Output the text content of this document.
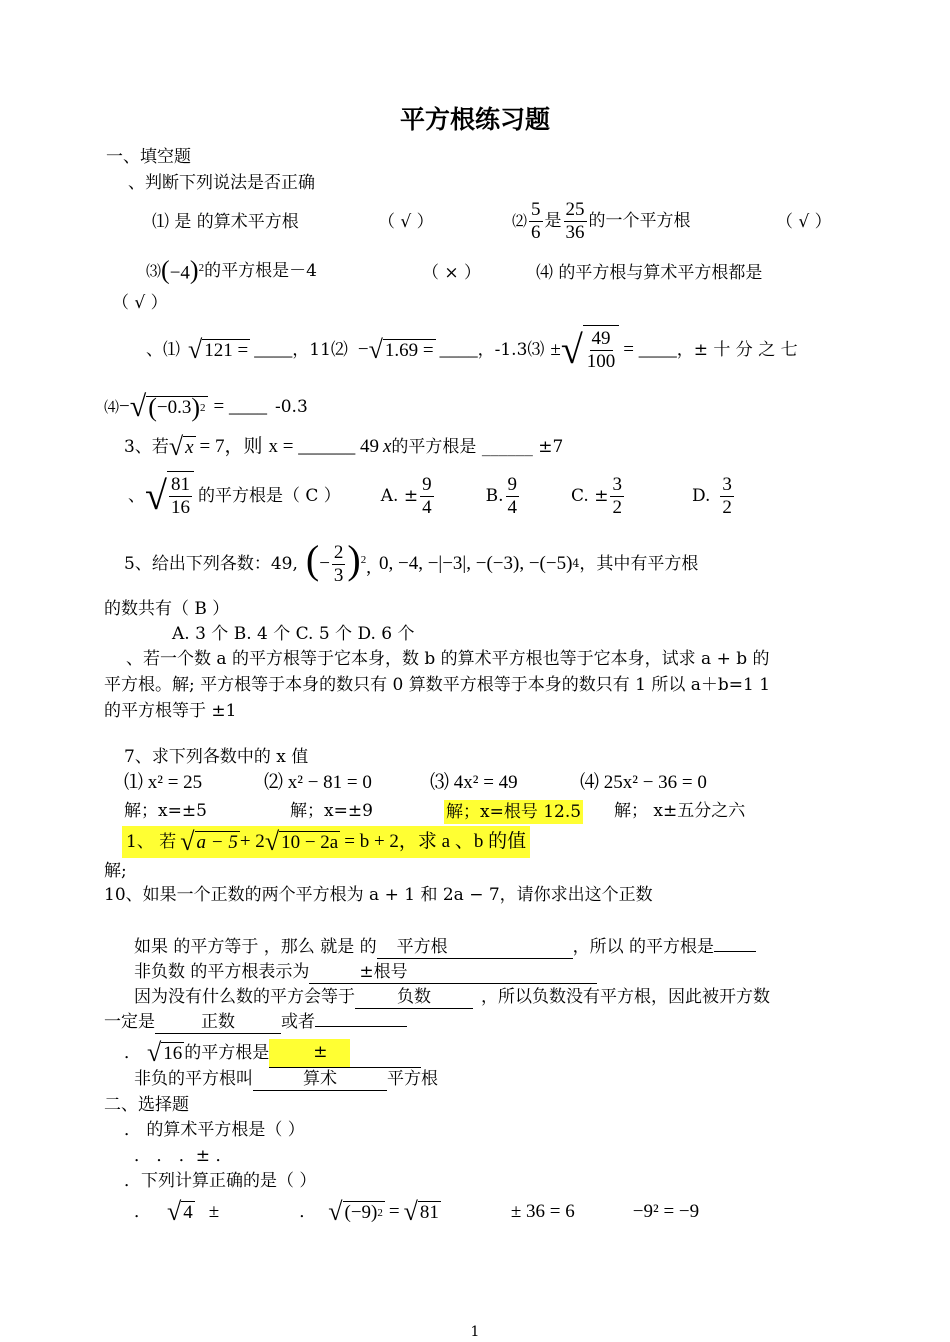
平方根练习题
一、填空题
、判断下列说法是否正确
⑴ 是 的算术平方根	（ √ ）	⑵ $\frac{5}{6}$ 是 $\frac{25}{36}$ 的一个平方根	（ √ ）
⑶ $(-4)^2$ 的平方根是－4	（ × ）	⑷ 的平方根与算术平方根都是
（ √ ）
、⑴ √ 121 = ____ ，11⑵ − √ 1.69 = ____ ，-1.3⑶ ± √ $\frac{49}{100}$ = ____ ，± 十 分 之 七
⑷ − √ ( −0.3 ) 2 = ____ -0.3
3、若 √ x = 7，则 x = ______ 49 x 的平方根是 ______ ±7
、 √ $\frac{81}{16}$ 的平方根是（ C ） A. ± $\frac{9}{4}$	B. $\frac{9}{4}$	C. ± $\frac{3}{2}$	D. $\frac{3}{2}$
5、给出下列各数：49, ( − $\frac{2}{3} )^2$, 0, −4, −|−3|, −(−3), −(−5) 4 ，其中有平方根
的数共有（ B ）
A. 3 个 B. 4 个 C. 5 个 D. 6 个
、若一个数 a 的平方根等于它本身，数 b 的算术平方根也等于它本身，试求 a + b 的
平方根。解; 平方根等于本身的数只有 0 算数平方根等于本身的数只有 1 所以 a＋b=1 1
的平方根等于 ±1
7、求下列各数中的 x 值
⑴ x² = 25	⑵ x² − 81 = 0	⑶ 4x² = 49	⑷ 25x² − 36 = 0
解；x=±5	解；x=±9	解；x=根号 12.5 解； x±五分之六
1、 若 √ a − 5 + 2 √ 10 − 2a = b + 2，求 a 、b 的值
解;
10、如果一个正数的两个平方根为 a + 1 和 2a − 7，请你求出这个正数
如果 的平方等于 ，那么 就是 的 平方根	，所以 的平方根是
非负数 的平方根表示为	±根号
因为没有什么数的平方会等于 负数	，所以负数没有平方根，因此被开方数
一定是	正数	或者
． √ 16 的平方根是	±
非负的平方根叫	算术	平方根
二、选择题
． 的算术平方根是（ ）
． ． ．± ．
．下列计算正确的是（ ）
． √ 4 ±	． √ (−9) 2 = √ 81	± 36 = 6	−9² = −9
1
